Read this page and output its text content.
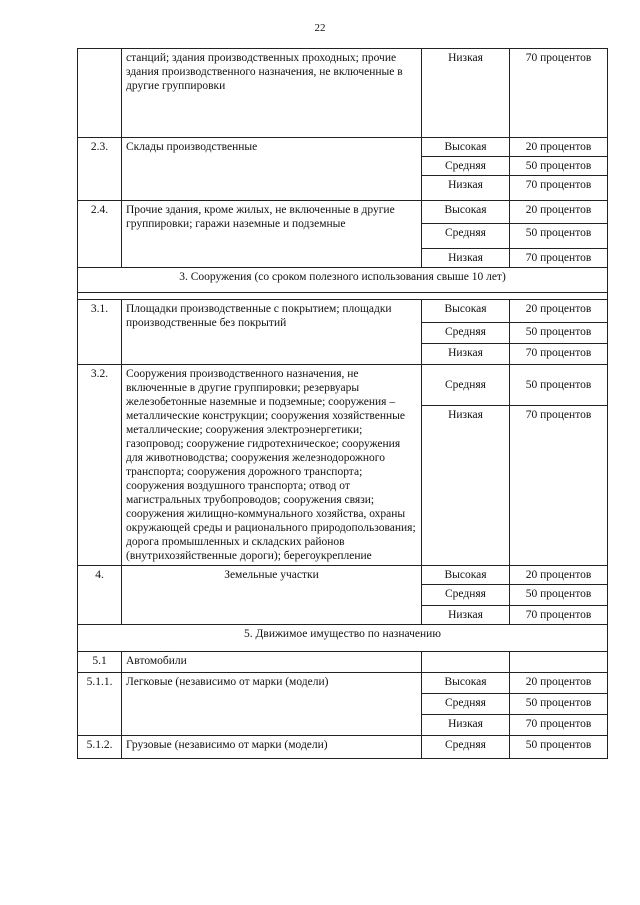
22
	станций; здания производственных проходных; прочие здания производственного назначения, не включенные в другие группировки	Низкая	70 процентов
2.3.	Склады производственные	Высокая	20 процентов
		Средняя	50 процентов
		Низкая	70 процентов
2.4.	Прочие здания, кроме жилых, не включенные в другие группировки; гаражи наземные и подземные	Высокая	20 процентов
		Средняя	50 процентов
		Низкая	70 процентов
3. Сооружения (со сроком полезного использования свыше 10 лет)			

3.1.	Площадки производственные с покрытием; площадки производственные без покрытий	Высокая	20 процентов
		Средняя	50 процентов
		Низкая	70 процентов
3.2.	Сооружения производственного назначения, не включенные в другие группировки; резервуары железобетонные наземные и подземные; сооружения – металлические конструкции; сооружения хозяйственные металлические; сооружения электроэнергетики; газопровод; сооружение гидротехническое; сооружения для животноводства; сооружения железнодорожного транспорта; сооружения дорожного транспорта; сооружения воздушного транспорта; отвод от магистральных трубопроводов; сооружения связи; сооружения жилищно-коммунального хозяйства, охраны окружающей среды и рационального природопользования; дорога промышленных и складских районов (внутрихозяйственные дороги); берегоукрепление	Средняя	50 процентов
		Низкая	70 процентов
4.	Земельные участки	Высокая	20 процентов
		Средняя	50 процентов
		Низкая	70 процентов
5. Движимое имущество по назначению			
5.1	Автомобили		
5.1.1.	Легковые (независимо от марки (модели)	Высокая	20 процентов
		Средняя	50 процентов
		Низкая	70 процентов
5.1.2.	Грузовые (независимо от марки (модели)	Средняя	50 процентов
